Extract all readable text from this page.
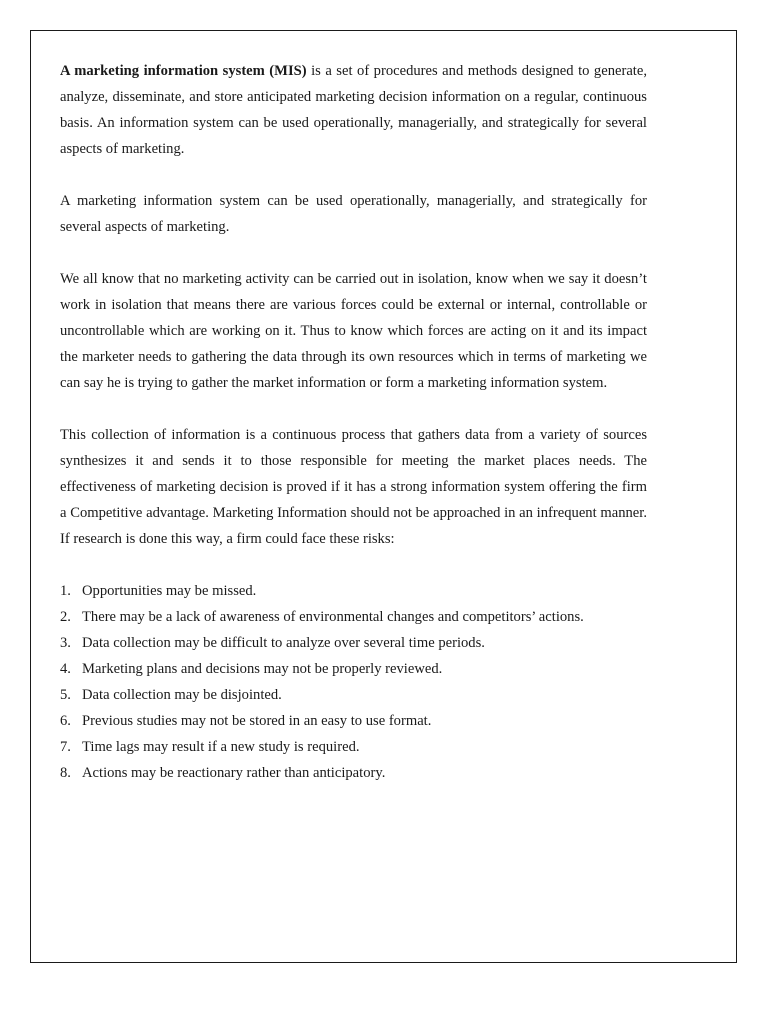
A marketing information system (MIS) is a set of procedures and methods designed to generate, analyze, disseminate, and store anticipated marketing decision information on a regular, continuous basis. An information system can be used operationally, managerially, and strategically for several aspects of marketing.

A marketing information system can be used operationally, managerially, and strategically for several aspects of marketing.

We all know that no marketing activity can be carried out in isolation, know when we say it doesn’t work in isolation that means there are various forces could be external or internal, controllable or uncontrollable which are working on it. Thus to know which forces are acting on it and its impact the marketer needs to gathering the data through its own resources which in terms of marketing we can say he is trying to gather the market information or form a marketing information system.

This collection of information is a continuous process that gathers data from a variety of sources synthesizes it and sends it to those responsible for meeting the market places needs. The effectiveness of marketing decision is proved if it has a strong information system offering the firm a Competitive advantage. Marketing Information should not be approached in an infrequent manner. If research is done this way, a firm could face these risks:

1. Opportunities may be missed.
2. There may be a lack of awareness of environmental changes and competitors’ actions.
3. Data collection may be difficult to analyze over several time periods.
4. Marketing plans and decisions may not be properly reviewed.
5. Data collection may be disjointed.
6. Previous studies may not be stored in an easy to use format.
7. Time lags may result if a new study is required.
8. Actions may be reactionary rather than anticipatory.
